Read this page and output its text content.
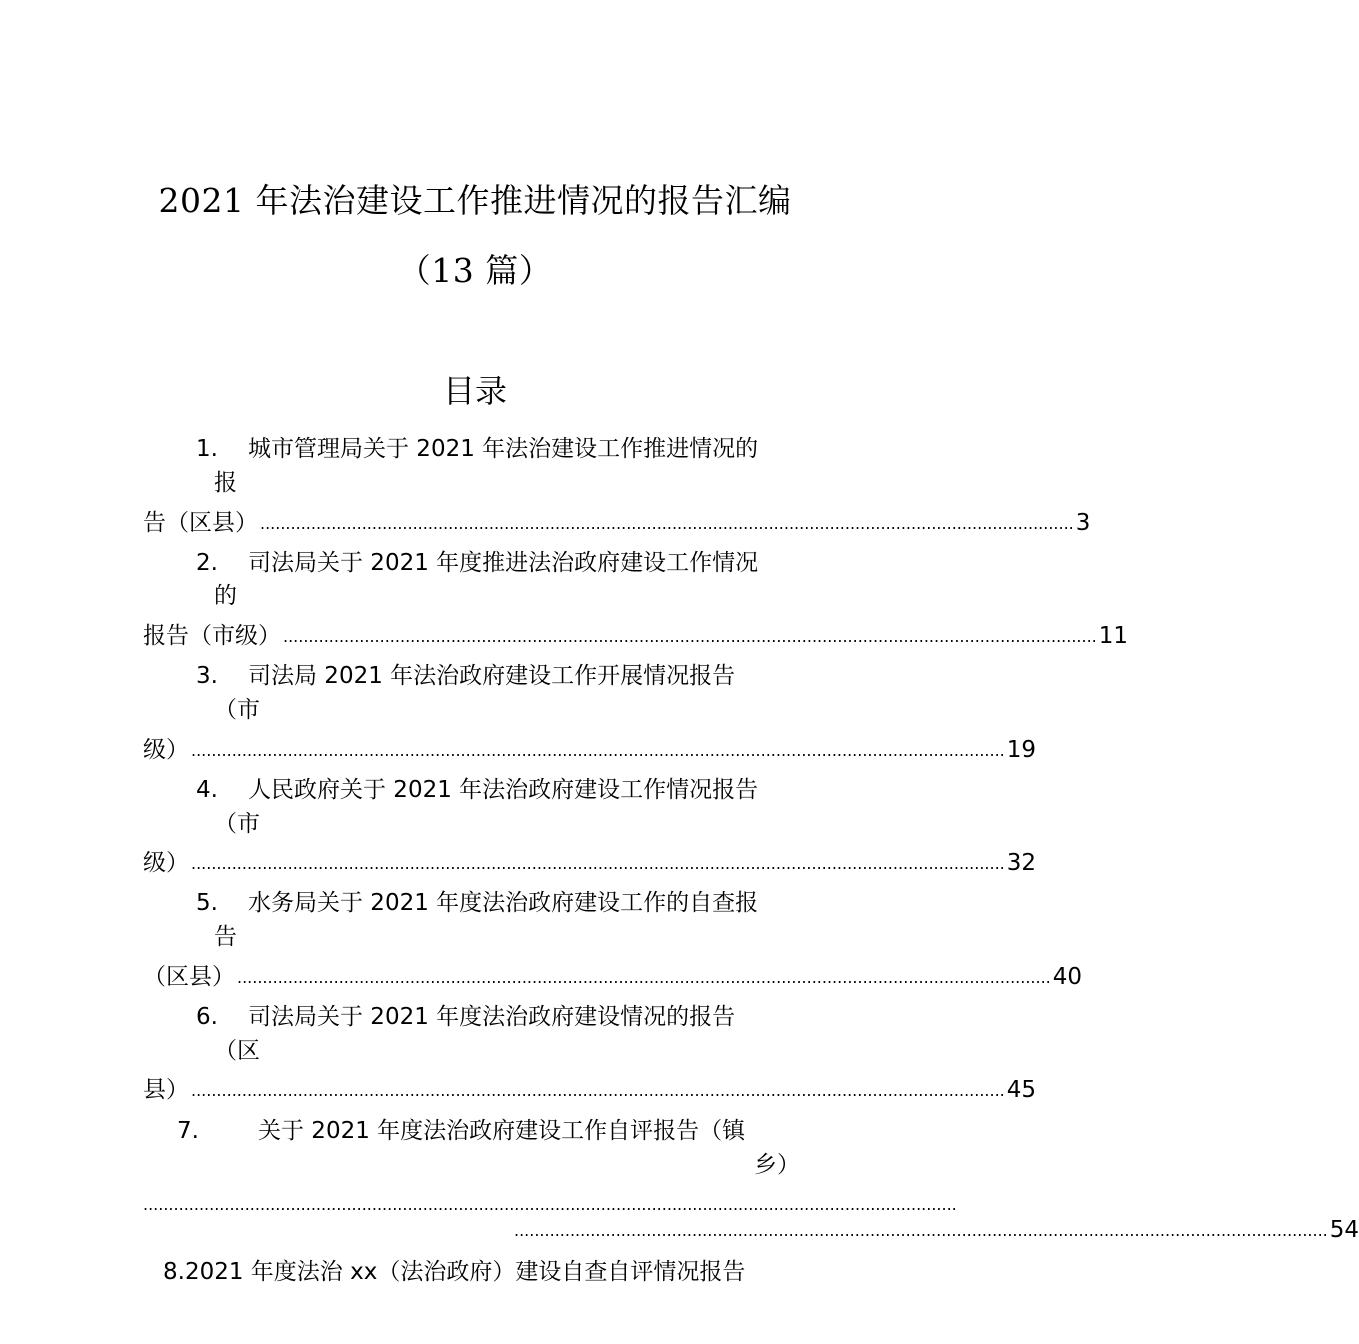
2021 年法治建设工作推进情况的报告汇编
（13 篇）
目录
1. 城市管理局关于 2021 年法治建设工作推进情况的
报
告（区县） ................................................................................................................................................................ 3
2. 司法局关于 2021 年度推进法治政府建设工作情况
的
报告（市级） ................................................................................................................................................................ 11
3. 司法局 2021 年法治政府建设工作开展情况报告
（市
级） ................................................................................................................................................................ 19
4. 人民政府关于 2021 年法治政府建设工作情况报告
（市
级） ................................................................................................................................................................ 32
5. 水务局关于 2021 年度法治政府建设工作的自查报
告
（区县） ................................................................................................................................................................ 40
6. 司法局关于 2021 年度法治政府建设情况的报告
（区
县） ................................................................................................................................................................ 45
7.	关于 2021 年度法治政府建设工作自评报告（镇
乡）
................................................................................................................................................................
................................................................................................................................................................ 54
8.2021 年度法治 xx（法治政府）建设自查自评情况报告
